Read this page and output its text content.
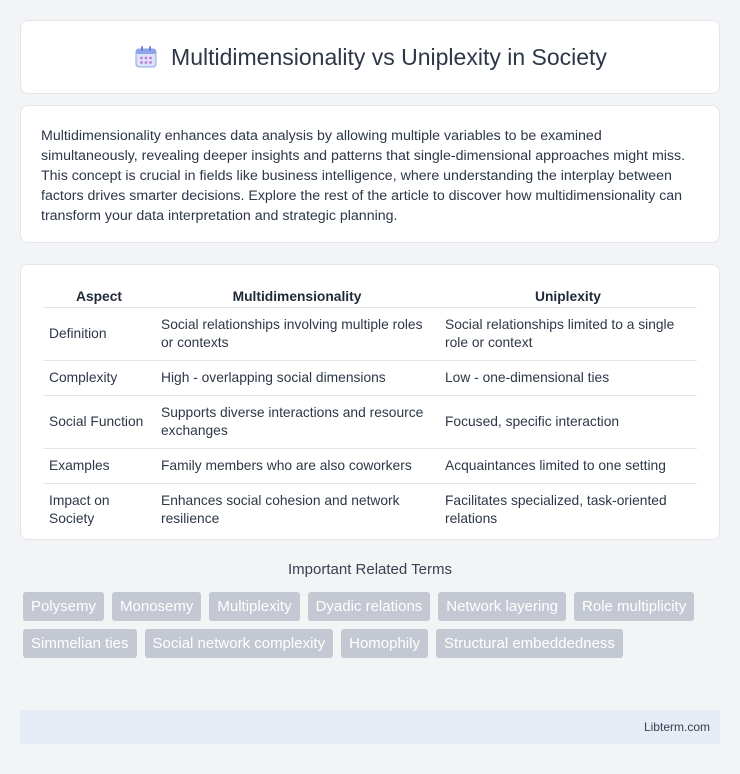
Multidimensionality vs Uniplexity in Society

Multidimensionality enhances data analysis by allowing multiple variables to be examined simultaneously, revealing deeper insights and patterns that single-dimensional approaches might miss. This concept is crucial in fields like business intelligence, where understanding the interplay between factors drives smarter decisions. Explore the rest of the article to discover how multidimensionality can transform your data interpretation and strategic planning.

Aspect	Multidimensionality	Uniplexity
Definition	Social relationships involving multiple roles or contexts	Social relationships limited to a single role or context
Complexity	High - overlapping social dimensions	Low - one-dimensional ties
Social Function	Supports diverse interactions and resource exchanges	Focused, specific interaction
Examples	Family members who are also coworkers	Acquaintances limited to one setting
Impact on Society	Enhances social cohesion and network resilience	Facilitates specialized, task-oriented relations
Important Related Terms
Polysemy	Monosemy	Multiplexity	Dyadic relations	Network layering	Role multiplicity
Simmelian ties	Social network complexity	Homophily	Structural embeddedness
Libterm.com
